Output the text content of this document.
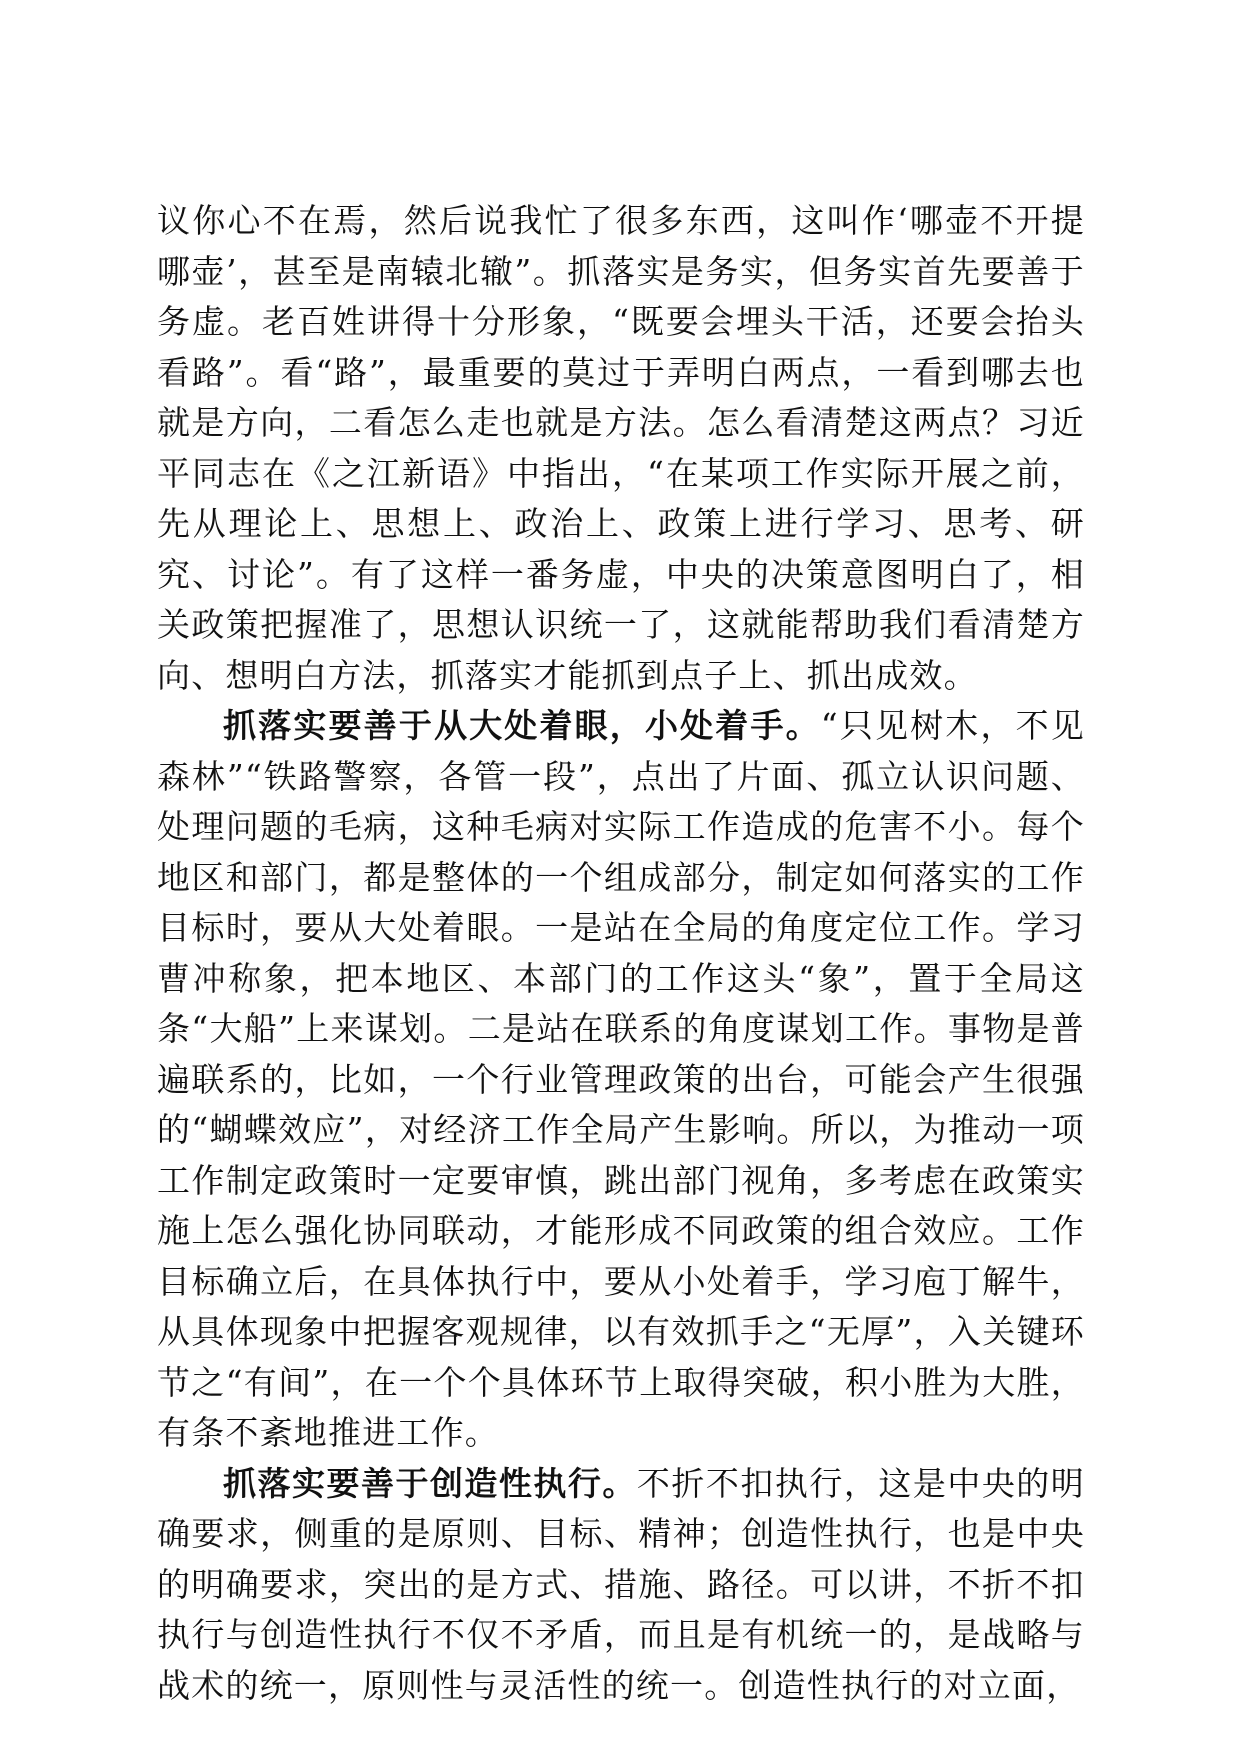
议你心不在焉，然后说我忙了很多东西，这叫作‘哪壶不开提哪壶’，甚至是南辕北辙”。抓落实是务实，但务实首先要善于务虚。老百姓讲得十分形象，“既要会埋头干活，还要会抬头看路”。看“路”，最重要的莫过于弄明白两点，一看到哪去也就是方向，二看怎么走也就是方法。怎么看清楚这两点？习近平同志在《之江新语》中指出，“在某项工作实际开展之前，先从理论上、思想上、政治上、政策上进行学习、思考、研究、讨论”。有了这样一番务虚，中央的决策意图明白了，相关政策把握准了，思想认识统一了，这就能帮助我们看清楚方向、想明白方法，抓落实才能抓到点子上、抓出成效。

抓落实要善于从大处着眼，小处着手。“只见树木，不见森林”“铁路警察，各管一段”，点出了片面、孤立认识问题、处理问题的毛病，这种毛病对实际工作造成的危害不小。每个地区和部门，都是整体的一个组成部分，制定如何落实的工作目标时，要从大处着眼。一是站在全局的角度定位工作。学习曹冲称象，把本地区、本部门的工作这头“象”，置于全局这条“大船”上来谋划。二是站在联系的角度谋划工作。事物是普遍联系的，比如，一个行业管理政策的出台，可能会产生很强的“蝴蝶效应”，对经济工作全局产生影响。所以，为推动一项工作制定政策时一定要审慎，跳出部门视角，多考虑在政策实施上怎么强化协同联动，才能形成不同政策的组合效应。工作目标确立后，在具体执行中，要从小处着手，学习庖丁解牛，从具体现象中把握客观规律，以有效抓手之“无厚”，入关键环节之“有间”，在一个个具体环节上取得突破，积小胜为大胜，有条不紊地推进工作。

抓落实要善于创造性执行。不折不扣执行，这是中央的明确要求，侧重的是原则、目标、精神；创造性执行，也是中央的明确要求，突出的是方式、措施、路径。可以讲，不折不扣执行与创造性执行不仅不矛盾，而且是有机统一的，是战略与战术的统一，原则性与灵活性的统一。创造性执行的对立面，
